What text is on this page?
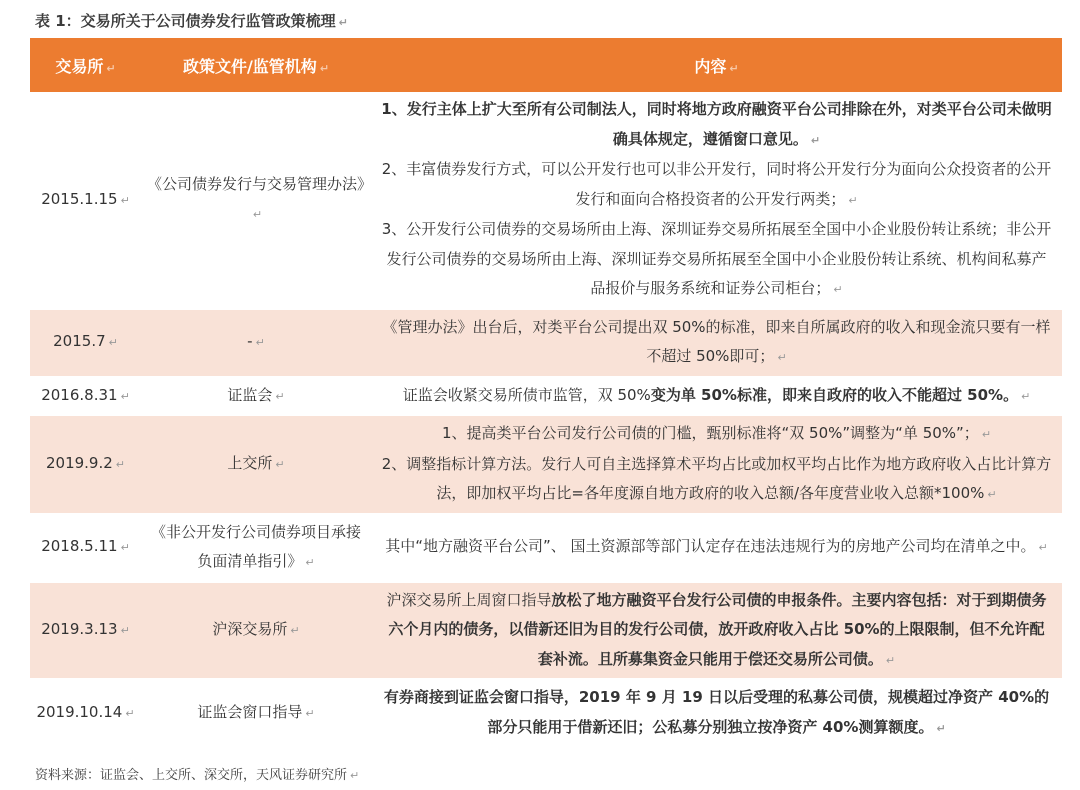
表 1：交易所关于公司债券发行监管政策梳理 ↵
交易所 ↵	政策文件/监管机构 ↵	内容 ↵
2015.1.15 ↵	《公司债券发行与交易管理办法》↵	1、发行主体上扩大至所有公司制法人，同时将地方政府融资平台公司排除在外，对类平台公司未做明确具体规定，遵循窗口意见。 ↵
2、丰富债券发行方式，可以公开发行也可以非公开发行，同时将公开发行分为面向公众投资者的公开发行和面向合格投资者的公开发行两类； ↵
3、公开发行公司债券的交易场所由上海、深圳证券交易所拓展至全国中小企业股份转让系统；非公开发行公司债券的交易场所由上海、深圳证券交易所拓展至全国中小企业股份转让系统、机构间私募产品报价与服务系统和证券公司柜台； ↵

2015.7 ↵	- ↵	《管理办法》出台后，对类平台公司提出双 50%的标准，即来自所属政府的收入和现金流只要有一样不超过 50%即可； ↵

2016.8.31 ↵	证监会 ↵	证监会收紧交易所债市监管，双 50%变为单 50%标准，即来自政府的收入不能超过 50%。 ↵

2019.9.2 ↵	上交所 ↵	1、提高类平台公司发行公司债的门槛，甄别标准将“双 50%”调整为“单 50%”； ↵
2、调整指标计算方法。发行人可自主选择算术平均占比或加权平均占比作为地方政府收入占比计算方法，即加权平均占比=各年度源自地方政府的收入总额/各年度营业收入总额*100% ↵

2018.5.11 ↵	《非公开发行公司债券项目承接负面清单指引》 ↵	其中“地方融资平台公司”、 国土资源部等部门认定存在违法违规行为的房地产公司均在清单之中。 ↵

2019.3.13 ↵	沪深交易所 ↵	沪深交易所上周窗口指导放松了地方融资平台发行公司债的申报条件。主要内容包括：对于到期债务六个月内的债务，以借新还旧为目的发行公司债，放开政府收入占比 50%的上限限制，但不允许配套补流。且所募集资金只能用于偿还交易所公司债。 ↵

2019.10.14 ↵	证监会窗口指导 ↵	有券商接到证监会窗口指导，2019 年 9 月 19 日以后受理的私募公司债，规模超过净资产 40%的部分只能用于借新还旧；公私募分别独立按净资产 40%测算额度。 ↵
资料来源：证监会、上交所、深交所，天风证券研究所 ↵
